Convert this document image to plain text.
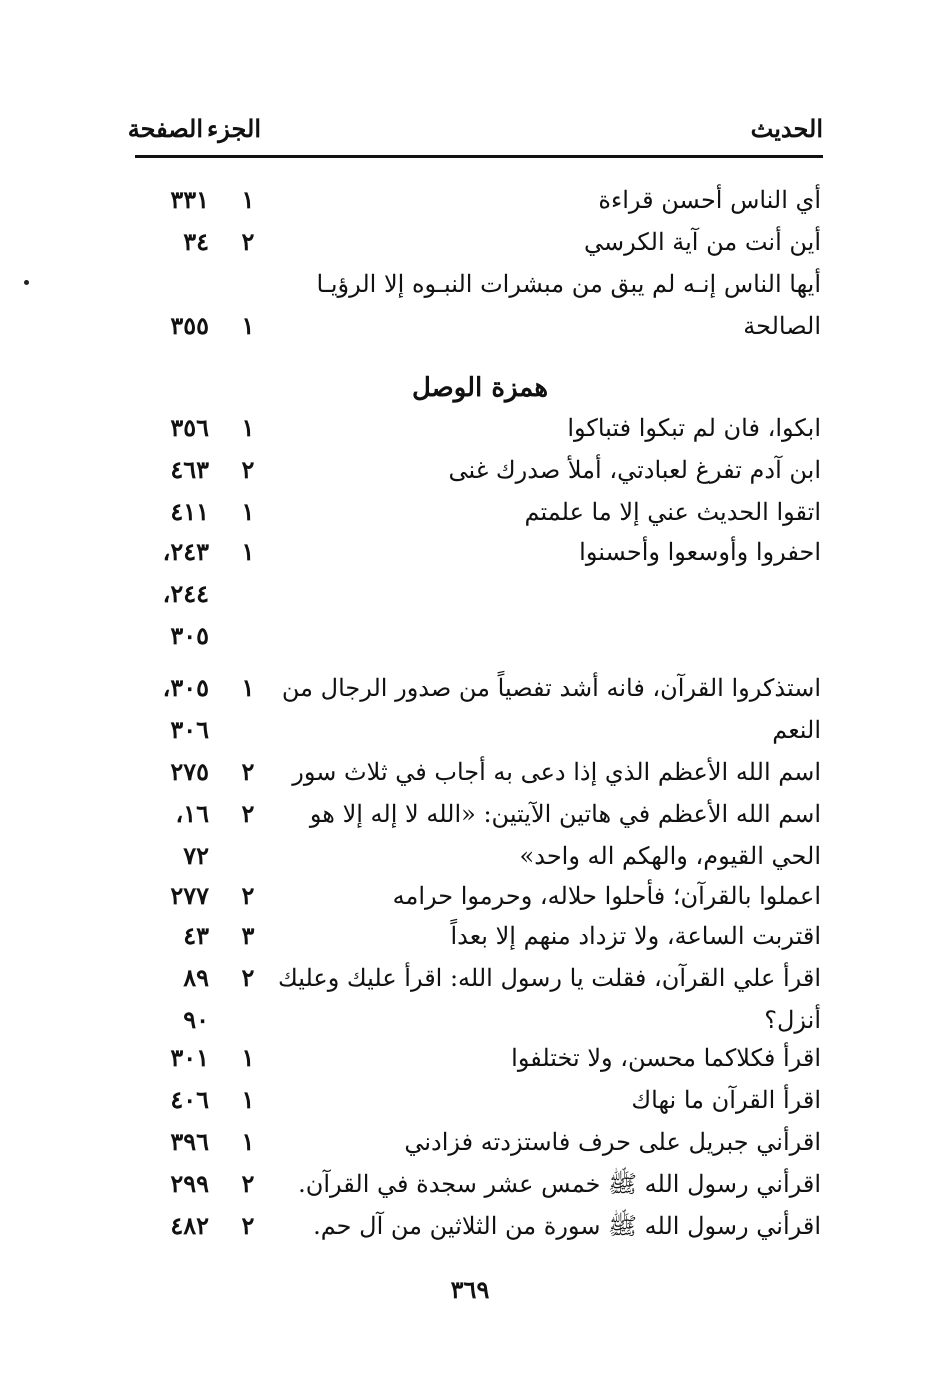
الحديث
الجزء
الصفحة
أي الناس أحسن قراءة
١
٣٣١
أين أنت من آية الكرسي
٢
٣٤
أيها الناس إنـه لم يبق من مبشرات النبـوه إلا الرؤيـا
الصالحة
١
٣٥٥
ابكوا، فان لم تبكوا فتباكوا
١
٣٥٦
ابن آدم تفرغ لعبادتي، أملأ صدرك غنى
٢
٤٦٣
اتقوا الحديث عني إلا ما علمتم
١
٤١١
احفروا وأوسعوا وأحسنوا
١
٢٤٣،
٢٤٤،
٣٠٥
استذكروا القرآن، فانه أشد تفصياً من صدور الرجال من
النعم
١
٣٠٥،
٣٠٦
اسم الله الأعظم الذي إذا دعى به أجاب في ثلاث سور
٢
٢٧٥
اسم الله الأعظم في هاتين الآيتين: «الله لا إله إلا هو
الحي القيوم، والهكم اله واحد»
٢
١٦،
٧٢
اعملوا بالقرآن؛ فأحلوا حلاله، وحرموا حرامه
٢
٢٧٧
اقتربت الساعة، ولا تزداد منهم إلا بعداً
٣
٤٣
اقرأ علي القرآن، فقلت يا رسول الله: اقرأ عليك وعليك
أنزل؟
٢
٨٩
٩٠
اقرأ فكلاكما محسن، ولا تختلفوا
١
٣٠١
اقرأ القرآن ما نهاك
١
٤٠٦
اقرأني جبريل على حرف فاستزدته فزادني
١
٣٩٦
اقرأني رسول الله ﷺ خمس عشر سجدة في القرآن.
٢
٢٩٩
اقرأني رسول الله ﷺ سورة من الثلاثين من آل حم.
٢
٤٨٢
همزة الوصل
٣٦٩
